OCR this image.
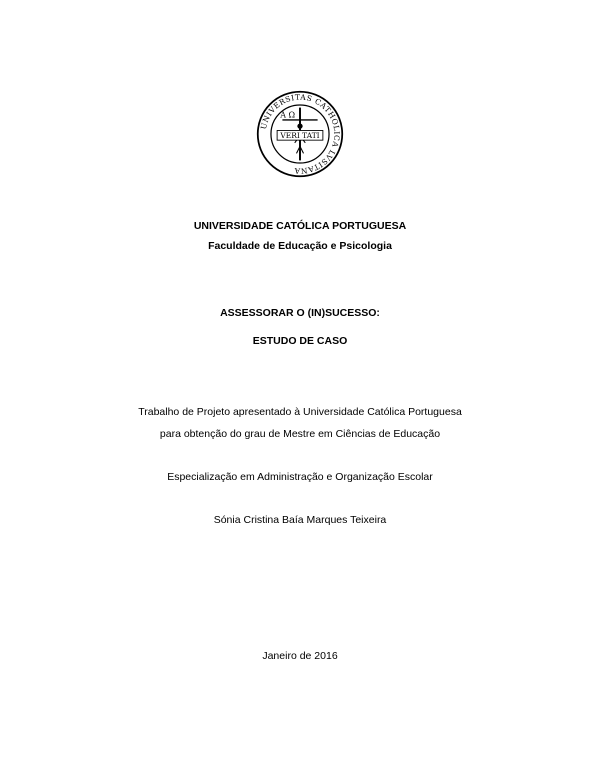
UNIVERSITAS CATHOLICA LVSITANA
A Ω
VERI TATI
UNIVERSIDADE CATÓLICA PORTUGUESA
Faculdade de Educação e Psicologia
ASSESSORAR O (IN)SUCESSO:
ESTUDO DE CASO
Trabalho de Projeto apresentado à Universidade Católica Portuguesa
para obtenção do grau de Mestre em Ciências de Educação
Especialização em Administração e Organização Escolar
Sónia Cristina Baía Marques Teixeira
Janeiro de 2016
